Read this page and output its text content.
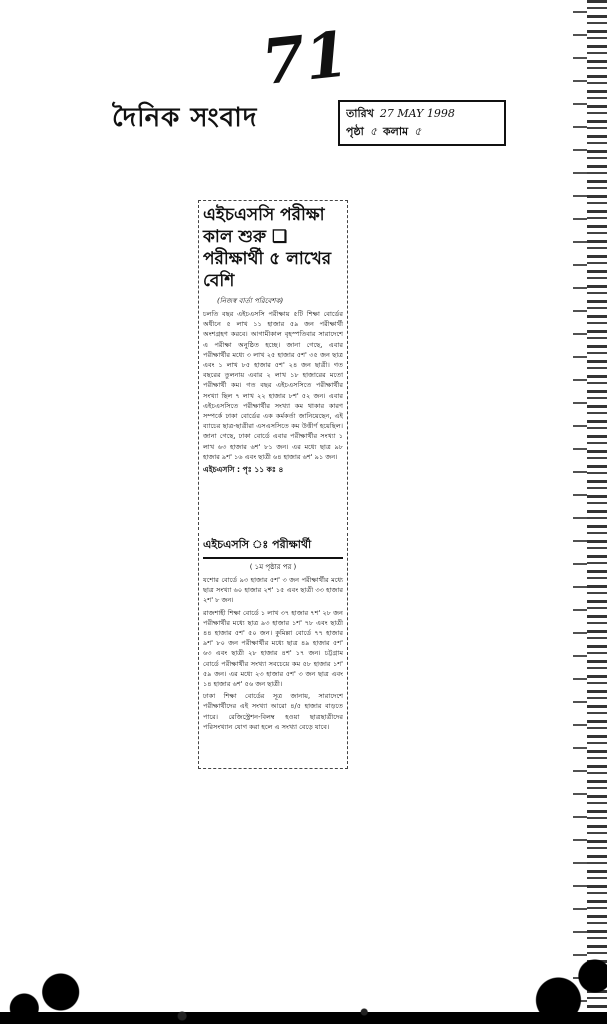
71
দৈনিক সংবাদ	তারিখ 27 MAY 1998
পৃষ্ঠা ৫ কলাম ৫
এইচএসসি পরীক্ষা কাল শুরু ❑ পরীক্ষার্থী ৫ লাখের বেশি
(নিজস্ব বার্তা পরিবেশক)

চলতি বছর এইচএসসি পরীক্ষায় ৫টি শিক্ষা বোর্ডের অধীনে ৫ লাখ ১১ হাজার ৫৯ জন পরীক্ষার্থী অংশগ্রহণ করবে। আগামীকাল বৃহস্পতিবার সারাদেশে এ পরীক্ষা অনুষ্ঠিত হচ্ছে। জানা গেছে, এবার পরীক্ষার্থীর মধ্যে ৩ লাখ ২৫ হাজার ৫শ' ৩৫ জন ছাত্র এবং ১ লাখ ৮৫ হাজার ৫শ' ২৪ জন ছাত্রী। গত বছরের তুলনায় এবার ২ লাখ ১৮ হাজারের মতো পরীক্ষার্থী কম। গত বছর এইচএসসিতে পরীক্ষার্থীর সংখ্যা ছিল ৭ লাখ ২২ হাজার ৮শ' ৫২ জন। এবার এইচএসসিতে পরীক্ষার্থীর সংখ্যা কম থাকার কারণ সম্পর্কে ঢাকা বোর্ডের এক কর্মকর্তা জানিয়েছেন, এই ব্যাচের ছাত্র-ছাত্রীরা এসএসসিতে কম উত্তীর্ণ হয়েছিল। জানা গেছে, ঢাকা বোর্ডে এবার পরীক্ষার্থীর সংখ্যা ১ লাখ ৬৩ হাজার ৬শ' ৮১ জন। এর মধ্যে ছাত্র ৯৮ হাজার ৯শ' ১৬ এবং ছাত্রী ৬৪ হাজার ৬শ' ৯১ জন।

এইচএসসি : পৃঃ ১১ কঃ ৪
এইচএসসি ঃ পরীক্ষার্থী
( ১ম পৃষ্ঠার পর )

যশোর বোর্ডে ৯৩ হাজার ৫শ' ৩ জন পরীক্ষার্থীর মধ্যে ছাত্র সংখ্যা ৬০ হাজার ২শ' ১৫ এবং ছাত্রী ৩৩ হাজার ২শ' ৮ জন।

রাজশাহী শিক্ষা বোর্ডে ১ লাখ ৩৭ হাজার ৭শ' ২৮ জন পরীক্ষার্থীর মধ্যে ছাত্র ৯৩ হাজার ১শ' ৭৮ এবং ছাত্রী ৪৪ হাজার ৫শ' ৫০ জন। কুমিল্লা বোর্ডে ৭৭ হাজার ৯শ' ৮০ জন পরীক্ষার্থীর মধ্যে ছাত্র ৪৯ হাজার ৫শ' ৬৩ এবং ছাত্রী ২৮ হাজার ৪শ' ১৭ জন। চট্টগ্রাম বোর্ডে পরীক্ষার্থীর সংখ্যা সবচেয়ে কম ৫৮ হাজার ১শ' ৫৯ জন। এর মধ্যে ২৩ হাজার ৫শ' ৩ জন ছাত্র এবং ১৪ হাজার ৬শ' ৫৬ জন ছাত্রী।

ঢাকা শিক্ষা বোর্ডের সূত্র জানায়, সারাদেশে পরীক্ষার্থীদের এই সংখ্যা আরো ৪/৫ হাজার বাড়তে পারে। রেজিস্ট্রেশন-বিলম্ব হওয়া ছাত্রছাত্রীদের পরিসংখ্যান যোগ করা হলে এ সংখ্যা বেড়ে যাবে।
